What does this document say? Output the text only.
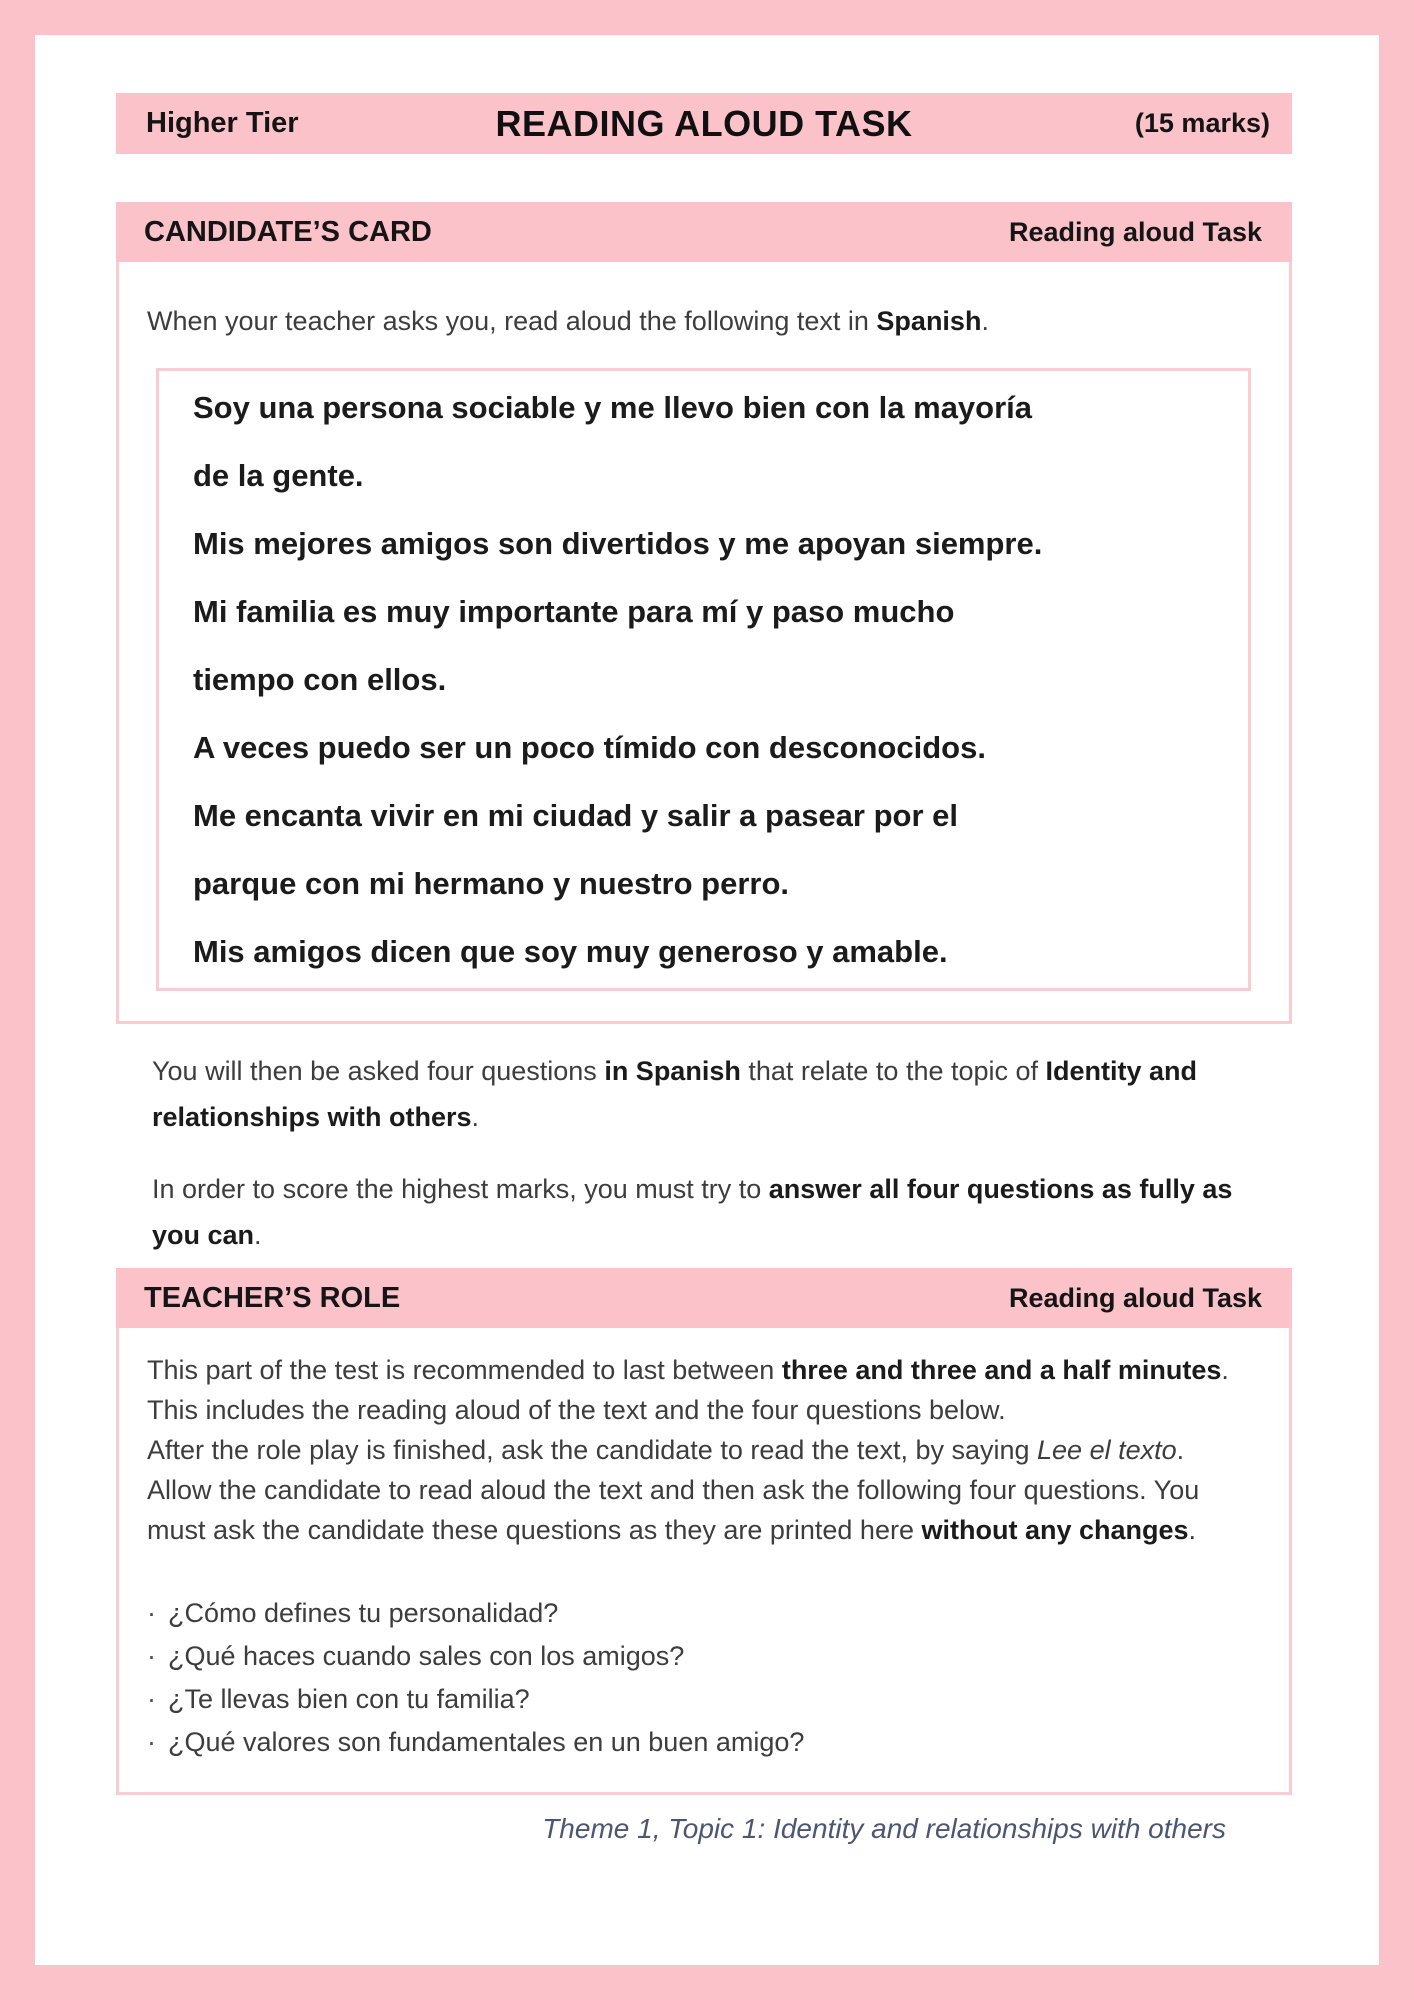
Higher Tier	READING ALOUD TASK	(15 marks)
CANDIDATE’S CARD	Reading aloud Task

When your teacher asks you, read aloud the following text in Spanish.

Soy una persona sociable y me llevo bien con la mayoría
de la gente.
Mis mejores amigos son divertidos y me apoyan siempre.
Mi familia es muy importante para mí y paso mucho
tiempo con ellos.
A veces puedo ser un poco tímido con desconocidos.
Me encanta vivir en mi ciudad y salir a pasear por el
parque con mi hermano y nuestro perro.
Mis amigos dicen que soy muy generoso y amable.

You will then be asked four questions in Spanish that relate to the topic of Identity and relationships with others.

In order to score the highest marks, you must try to answer all four questions as fully as you can.

TEACHER’S ROLE	Reading aloud Task

This part of the test is recommended to last between three and three and a half minutes. This includes the reading aloud of the text and the four questions below.

After the role play is finished, ask the candidate to read the text, by saying Lee el texto.

Allow the candidate to read aloud the text and then ask the following four questions. You must ask the candidate these questions as they are printed here without any changes.

· ¿Cómo defines tu personalidad?

· ¿Qué haces cuando sales con los amigos?

· ¿Te llevas bien con tu familia?

· ¿Qué valores son fundamentales en un buen amigo?

Theme 1, Topic 1: Identity and relationships with others
